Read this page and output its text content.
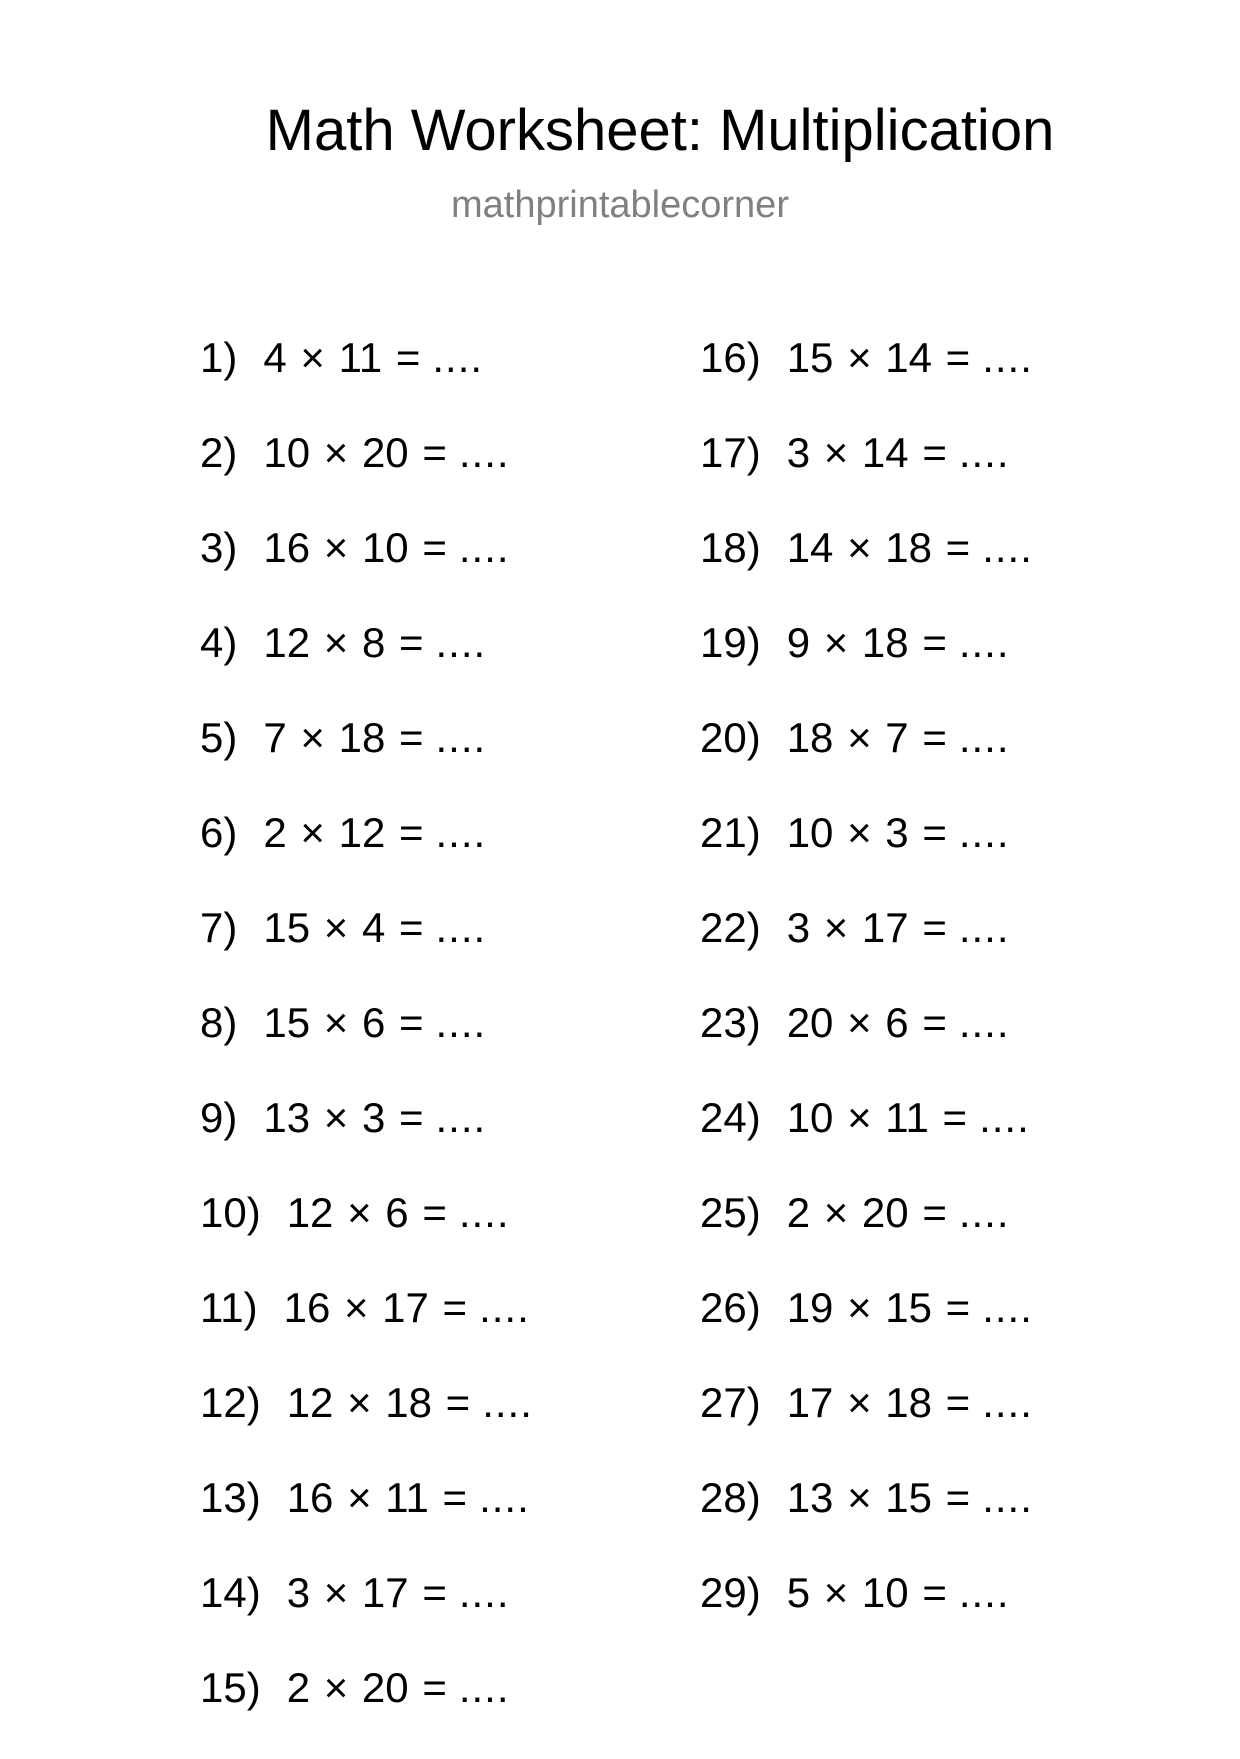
Math Worksheet: Multiplication
mathprintablecorner
1) 4 × 11 = ....
2) 10 × 20 = ....
3) 16 × 10 = ....
4) 12 × 8 = ....
5) 7 × 18 = ....
6) 2 × 12 = ....
7) 15 × 4 = ....
8) 15 × 6 = ....
9) 13 × 3 = ....
10) 12 × 6 = ....
11) 16 × 17 = ....
12) 12 × 18 = ....
13) 16 × 11 = ....
14) 3 × 17 = ....
15) 2 × 20 = ....
16) 15 × 14 = ....
17) 3 × 14 = ....
18) 14 × 18 = ....
19) 9 × 18 = ....
20) 18 × 7 = ....
21) 10 × 3 = ....
22) 3 × 17 = ....
23) 20 × 6 = ....
24) 10 × 11 = ....
25) 2 × 20 = ....
26) 19 × 15 = ....
27) 17 × 18 = ....
28) 13 × 15 = ....
29) 5 × 10 = ....
